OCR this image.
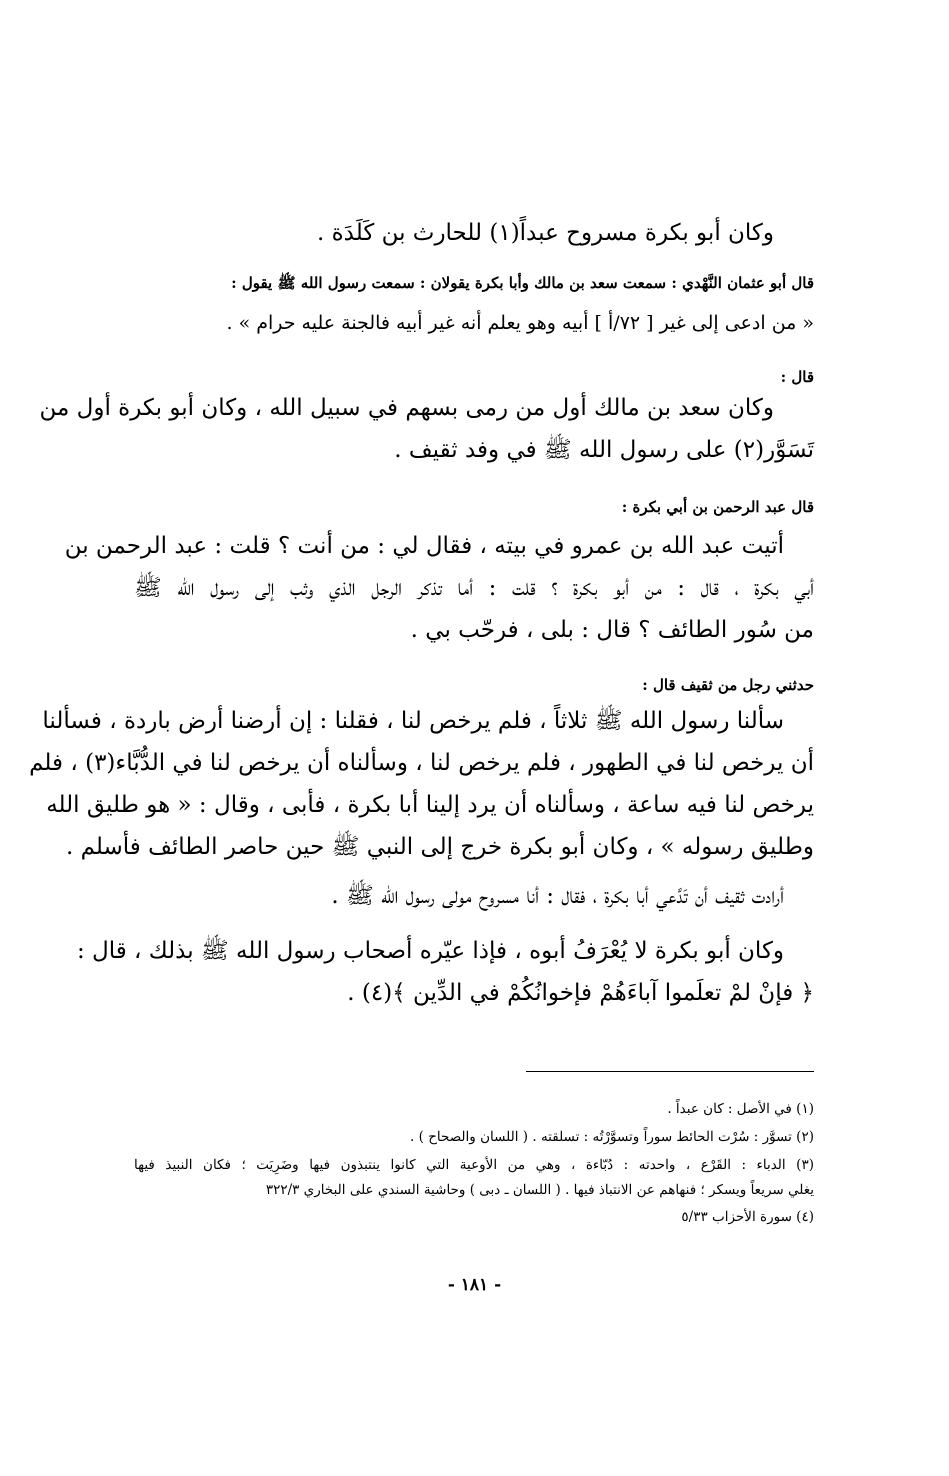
وكان أبو بكرة مسروح عبداً(١) للحارث بن كَلَدَة .
قال أبو عثمان النَّهْدي : سمعت سعد بن مالك وأبا بكرة يقولان : سمعت رسول الله ﷺ يقول :
« من ادعى إلى غير [ ٧٢/أ ] أبيه وهو يعلم أنه غير أبيه فالجنة عليه حرام » .
قال :
وكان سعد بن مالك أول من رمى بسهم في سبيل الله ، وكان أبو بكرة أول من
تَسَوَّر(٢) على رسول الله ﷺ في وفد ثقيف .
قال عبد الرحمن بن أبي بكرة :
أتيت عبد الله بن عمرو في بيته ، فقال لي : من أنت ؟ قلت : عبد الرحمن بن
أبي بكرة ، قال : من أبو بكرة ؟ قلت : أما تذكر الرجل الذي وثب إلى رسول الله ﷺ
من سُور الطائف ؟ قال : بلى ، فرحّب بي .
حدثني رجل من ثقيف قال :
سألنا رسول الله ﷺ ثلاثاً ، فلم يرخص لنا ، فقلنا : إن أرضنا أرض باردة ، فسألنا
أن يرخص لنا في الطهور ، فلم يرخص لنا ، وسألناه أن يرخص لنا في الدُّبَّاء(٣) ، فلم
يرخص لنا فيه ساعة ، وسألناه أن يرد إلينا أبا بكرة ، فأبى ، وقال : « هو طليق الله
وطليق رسوله » ، وكان أبو بكرة خرج إلى النبي ﷺ حين حاصر الطائف فأسلم .
أرادت ثقيف أن تَدَّعي أبا بكرة ، فقال : أنا مسروح مولى رسول الله ﷺ .
وكان أبو بكرة لا يُعْرَفُ أبوه ، فإذا عيّره أصحاب رسول الله ﷺ بذلك ، قال :
﴿ فإنْ لمْ تعلَموا آباءَهُمْ فإخوانُكُمْ في الدِّين ﴾(٤) .
(١) في الأصل : كان عبداً .
(٢) تسوَّر : سُرْت الحائط سوراً وتسوَّرْتُه : تسلقته . ( اللسان والصحاح ) .
(٣) الدباء : القَرْع ، واحدته : دُبّاءة ، وهي من الأوعية التي كانوا ينتبذون فيها وضَرِيَت ؛ فكان النبيذ فيها
يغلي سريعاً ويسكر ؛ فنهاهم عن الانتباذ فيها . ( اللسان ـ دبى ) وحاشية السندي على البخاري ٣٢٢/٣
(٤) سورة الأحزاب ٥/٣٣
- ١٨١ -
